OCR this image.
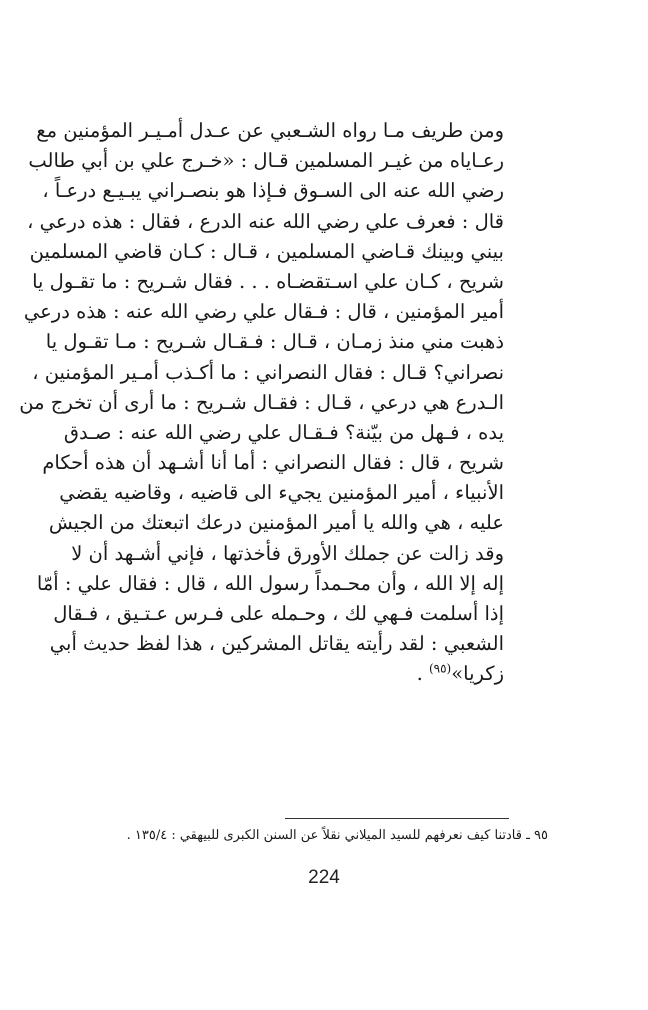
ومن طريف مـا رواه الشـعبي عن عـدل أمـيـر المؤمنين مع
رعـاياه من غيـر المسلمين قـال : «خـرج علي بن أبي طالب
رضي الله عنه الى السـوق فـإذا هو بنصـراني يبـيـع درعـاً ،
قال : فعرف علي رضي الله عنه الدرع ، فقال : هذه درعي ،
بيني وبينك قـاضي المسلمين ، قـال : كـان قاضي المسلمين
شريح ، كـان علي اسـتقضـاه . . . فقال شـريح : ما تقـول يا
أمير المؤمنين ، قال : فـقال علي رضي الله عنه : هذه درعي
ذهبت مني منذ زمـان ، قـال : فـقـال شـريح : مـا تقـول يا
نصراني؟ قـال : فقال النصراني : ما أكـذب أمـير المؤمنين ،
الـدرع هي درعي ، قـال : فقـال شـريح : ما أرى أن تخرج من
يده ، فـهل من بيّنة؟ فـقـال علي رضي الله عنه : صـدق
شريح ، قال : فقال النصراني : أما أنا أشـهد أن هذه أحكام
الأنبياء ، أمير المؤمنين يجيء الى قاضيه ، وقاضيه يقضي
عليه ، هي والله يا أمير المؤمنين درعك اتبعتك من الجيش
وقد زالت عن جملك الأورق فأخذتها ، فإني أشـهد أن لا
إله إلا الله ، وأن محـمداً رسول الله ، قال : فقال علي : أمّا
إذا أسلمت فـهي لك ، وحـمله على فـرس عـتـيق ، فـقال
الشعبي : لقد رأيته يقاتل المشركين ، هذا لفظ حديث أبي
زكريا»$^{(٩٥)}$ .
٩٥ ـ قادتنا كيف نعرفهم للسيد الميلاني نقلاً عن السنن الكبرى للبيهقي : ١٣٥/٤ .
224
